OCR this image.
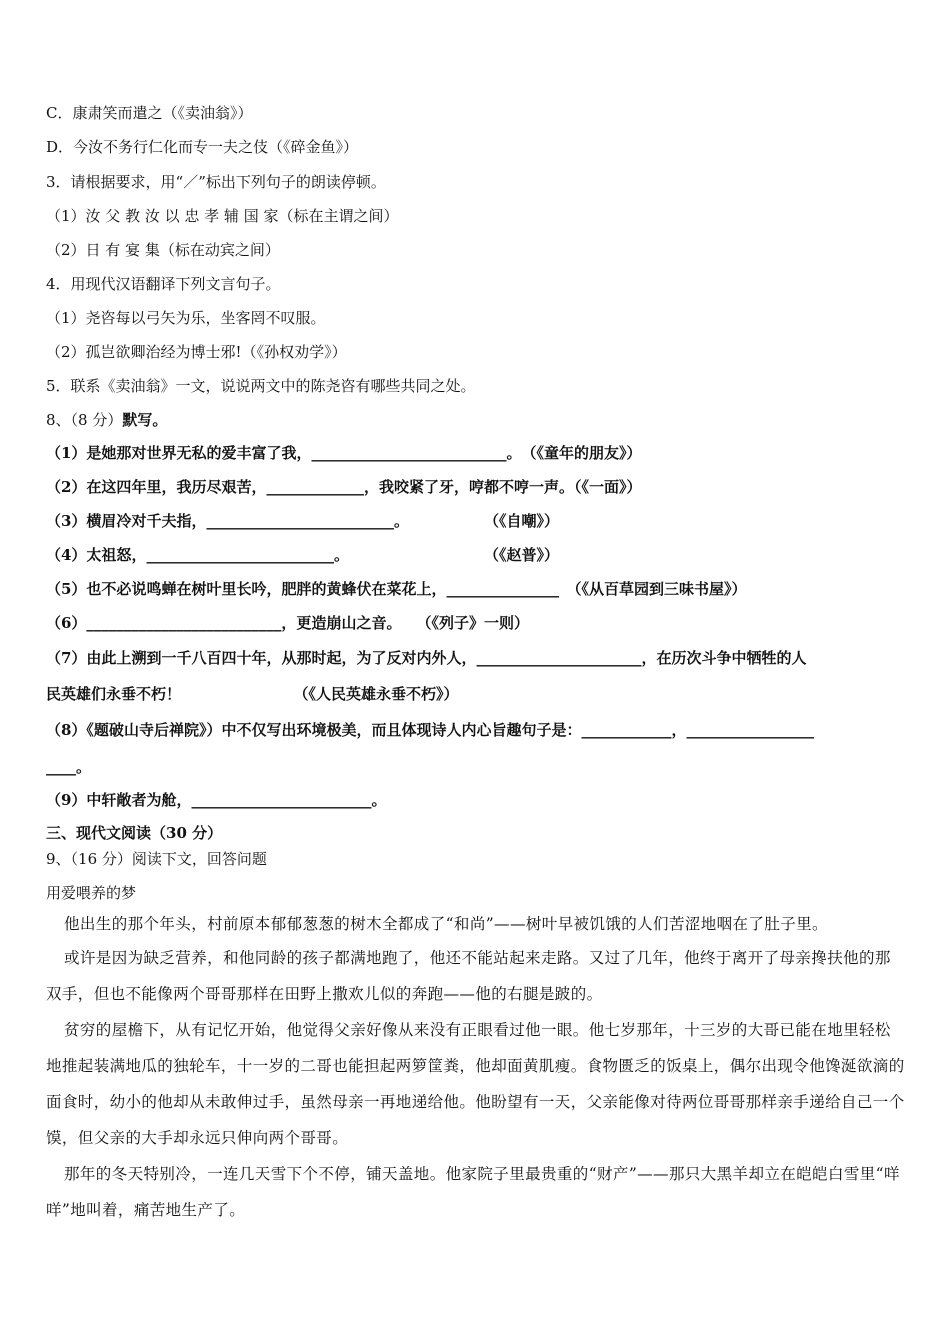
C．康肃笑而遣之（《卖油翁》）
D．今汝不务行仁化而专一夫之伎（《碎金鱼》）
3．请根据要求，用“／”标出下列句子的朗读停顿。
（1）汝 父 教 汝 以 忠 孝 辅 国 家（标在主谓之间）
（2）日 有 宴 集（标在动宾之间）
4．用现代汉语翻译下列文言句子。
（1）尧咨每以弓矢为乐，坐客罔不叹服。
（2）孤岂欲卿治经为博士邪!（《孙权劝学》）
5．联系《卖油翁》一文，说说两文中的陈尧咨有哪些共同之处。
8、（8 分）默写。
（1）是她那对世界无私的爱丰富了我，__________________________。　（《童年的朋友》）
（2）在这四年里，我历尽艰苦，_____________，我咬紧了牙，哼都不哼一声。（《一面》）
（3）横眉冷对千夫指，_________________________。　　　　　　（《自嘲》）
（4）太祖怒，_________________________。　　　　　　　　　　（《赵普》）
（5）也不必说鸣蝉在树叶里长吟，肥胖的黄蜂伏在菜花上，_______________　（《从百草园到三味书屋》）
（6）__________________________，更造崩山之音。　　（《列子》一则）
（7）由此上溯到一千八百四十年，从那时起，为了反对内外人，______________________，在历次斗争中牺牲的人
民英雄们永垂不朽！　　　　　　　　（《人民英雄永垂不朽》）
（8）《题破山寺后禅院》）中不仅写出环境极美，而且体现诗人内心旨趣句子是：____________，_________________
____。
（9）中轩敞者为舱，________________________。
三、现代文阅读（30 分）
9、（16 分）阅读下文，回答问题
用爱喂养的梦
他出生的那个年头，村前原本郁郁葱葱的树木全都成了“和尚”——树叶早被饥饿的人们苦涩地咽在了肚子里。
或许是因为缺乏营养，和他同龄的孩子都满地跑了，他还不能站起来走路。又过了几年，他终于离开了母亲搀扶他的那双手，但也不能像两个哥哥那样在田野上撒欢儿似的奔跑——他的右腿是跛的。
贫穷的屋檐下，从有记忆开始，他觉得父亲好像从来没有正眼看过他一眼。他七岁那年，十三岁的大哥已能在地里轻松地推起装满地瓜的独轮车，十一岁的二哥也能担起两箩筐粪，他却面黄肌瘦。食物匮乏的饭桌上，偶尔出现令他馋涎欲滴的面食时，幼小的他却从未敢伸过手，虽然母亲一再地递给他。他盼望有一天，父亲能像对待两位哥哥那样亲手递给自己一个馍，但父亲的大手却永远只伸向两个哥哥。
那年的冬天特别冷，一连几天雪下个不停，铺天盖地。他家院子里最贵重的“财产”——那只大黑羊却立在皑皑白雪里“咩咩”地叫着，痛苦地生产了。
